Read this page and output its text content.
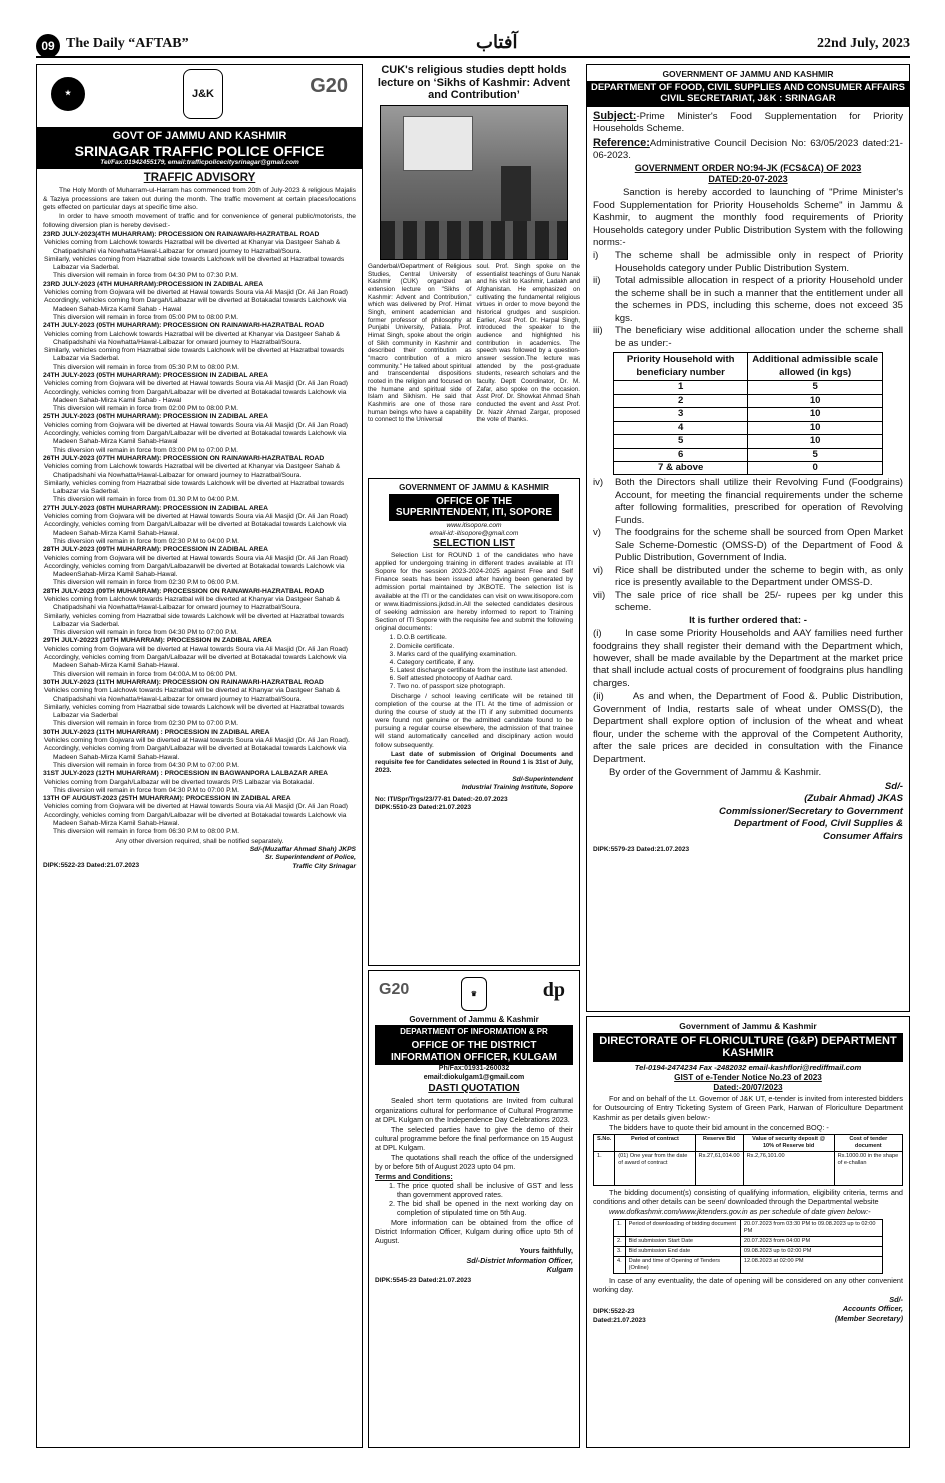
09 The Daily “AFTAB”	آفتاب	22nd July, 2023
★	J&K	G20
GOVT OF JAMMU AND KASHMIR
SRINAGAR TRAFFIC POLICE OFFICE
Tel/Fax:01942455179, email:trafficpolicecitysrinagar@gmail.com
TRAFFIC ADVISORY
The Holy Month of Muharram-ul-Harram has commenced from 20th of July-2023 & religious Majalis & Taziya processions are taken out during the month. The traffic movement at certain places/locations gets effected on particular days at specific time also.
In order to have smooth movement of traffic and for convenience of general public/motorists, the following diversion plan is hereby devised:-
23RD JULY-2023(4TH MUHARRAM): PROCESSION ON RAINAWARI-HAZRATBAL ROAD
Vehicles coming from Lalchowk towards Hazratbal will be diverted at Khanyar via Dastgeer Sahab & Chatipadshahi via Nowhatta/Hawal-Lalbazar for onward journey to Hazratbal/Soura.
Similarly, vehicles coming from Hazratbal side towards Lalchowk will be diverted at Hazratbal towards Lalbazar via Saderbal.
This diversion will remain in force from 04:30 PM to 07:30 P.M.
23RD JULY-2023 (4TH MUHARRAM):PROCESSION IN ZADIBAL AREA
Vehicles coming from Gojwara will be diverted at Hawal towards Soura via Ali Masjid (Dr. Ali Jan Road)
Accordingly, vehicles coming from Dargah/Lalbazar will be diverted at Botakadal towards Lalchowk via Madeen Sahab-Mirza Kamil Sahab - Hawal
This diversion will remain in force from 05:00 PM to 08:00 P.M.
24TH JULY-2023 (05TH MUHARRAM): PROCESSION ON RAINAWARI-HAZRATBAL ROAD
Vehicles coming from Lalchowk towards Hazratbal will be diverted at Khanyar via Dastgeer Sahab & Chatipadshahi via Nowhatta/Hawal-Lalbazar for onward journey to Hazratbal/Soura.
Similarly, vehicles coming from Hazratbal side towards Lalchowk will be diverted at Hazratbal towards Lalbazar via Saderbal.
This diversion will remain in force from 05:30 P.M to 08:00 P.M.
24TH JULY-2023 (05TH MUHARRAM): PROCESSION IN ZADIBAL AREA
Vehicles coming from Gojwara will be diverted at Hawal towards Soura via Ali Masjid (Dr. Ali Jan Road)
Accordingly, vehicles coming from Dargah/Lalbazar will be diverted at Botakadal towards Lalchowk via Madeen Sahab-Mirza Kamil Sahab - Hawal
This diversion will remain in force from 02:00 PM to 08:00 P.M.
25TH JULY-2023 (06TH MUHARRAM): PROCESSION IN ZADIBAL AREA
Vehicles coming from Gojwara will be diverted at Hawal towards Soura via Ali Masjid (Dr. Ali Jan Road)
Accordingly, vehicles coming from Dargah/Lalbazar will be diverted at Botakadal towards Lalchowk via Madeen Sahab-Mirza Kamil Sahab-Hawal
This diversion will remain in force from 03:00 PM to 07:00 P.M.
26TH JULY-2023 (07TH MUHARRAM): PROCESSION ON RAINAWARI-HAZRATBAL ROAD
Vehicles coming from Lalchowk towards Hazratbal will be diverted at Khanyar via Dastgeer Sahab & Chatipadshahi via Nowhatta/Hawal-Lalbazar for onward journey to Hazratbal/Soura.
Similarly, vehicles coming from Hazratbal side towards Lalchowk will be diverted at Hazratbal towards Lalbazar via Saderbal.
This diversion will remain in force from 01.30 P.M to 04:00 P.M.
27TH JULY-2023 (08TH MUHARRAM): PROCESSION IN ZADIBAL AREA
Vehicles coming from Gojwara will be diverted at Hawal towards Soura via Ali Masjid (Dr. Ali Jan Road)
Accordingly, vehicles coming from Dargah/Lalbazar will be diverted at Botakadal towards Lalchowk via Madeen Sahab-Mirza Kamil Sahab-Hawal.
This diversion will remain in force from 02:30 P.M to 04:00 P.M.
28TH JULY-2023 (09TH MUHARRAM): PROCESSION IN ZADIBAL AREA
Vehicles coming from Gojwara will be diverted at Hawal towards Soura via Ali Masjid (Dr. Ali Jan Road)
Accordingly, vehicles coming from Dargah/Lalbazarwill be diverted at Botakadal towards Lalchowk via MadeenSahab-Mirza Kamil Sahab-Hawal.
This diversion will remain in force from 02:30 P.M to 06:00 P.M.
28TH JULY-2023 (09TH MUHARRAM): PROCESSION ON RAINAWARI-HAZRATBAL ROAD
Vehicles coming from Lalchowk towards Hazratbal will be diverted at Khanyar via Dastgeer Sahab & Chatipadshahi via Nowhatta/Hawal-Lalbazar for onward journey to Hazratbal/Soura.
Similarly, vehicles coming from Hazratbal side towards Lalchowk will be diverted at Hazratbal towards Lalbazar via Saderbal.
This diversion will remain in force from 04:30 PM to 07:00 P.M.
29TH JULY-20223 (10TH MUHARRAM): PROCESSION IN ZADIBAL AREA
Vehicles coming from Gojwara will be diverted at Hawal towards Soura via Ali Masjid (Dr. Ali Jan Road)
Accordingly, vehicles coming from Dargah/Lalbazar will be diverted at Botakadal towards Lalchowk via Madeen Sahab-Mirza Kamil Sahab-Hawal.
This diversion will remain in force from 04:00A.M to 06:00 PM.
30TH JULY-2023 (11TH MUHARRAM): PROCESSION ON RAINAWARI-HAZRATBAL ROAD
Vehicles coming from Lalchowk towards Hazratbal will be diverted at Khanyar via Dastgeer Sahab & Chatipadshahi via Nowhatta/Hawal-Lalbazar for onward journey to Hazratbal/Soura.
Similarly, vehicles coming from Hazratbal side towards Lalchowk will be diverted at Hazratbal towards Lalbazar via Saderbal
This diversion will remain in force from 02:30 PM to 07:00 P.M.
30TH JULY-2023 (11TH MUHARRAM) : PROCESSION IN ZADIBAL AREA
Vehicles coming from Gojwara will be diverted at Hawal towards Soura via Ali Masjid (Dr. Ali Jan Road).
Accordingly, vehicles coming from Dargah/Lalbazar will be diverted at Botakadal towards Lalchowk via Madeen Sahab-Mirza Kamil Sahab-Hawal.
This diversion will remain in force from 04:30 P.M to 07:00 P.M.
31ST JULY-2023 (12TH MUHARRAM) : PROCESSION IN BAGWANPORA LALBAZAR AREA
Vehicles coming from Dargah/Lalbazar will be diverted towards P/S Lalbazar via Botakadal.
This diversion will remain in force from 04:30 P.M to 07:00 P.M.
13TH OF AUGUST-2023 (25TH MUHARRAM): PROCESSION IN ZADIBAL AREA
Vehicles coming from Gojwara will be diverted at Hawal towards Soura via Ali Masjid (Dr. Ali Jan Road)
Accordingly, vehicles coming from Dargah/Lalbazar will be diverted at Botakadal towards Lalchowk via Madeen Sahab-Mirza Kamil Sahab-Hawal.
This diversion will remain in force from 06:30 P.M to 08:00 P.M.
Any other diversion required, shall be notified separately.
Sd/-(Muzaffar Ahmad Shah) JKPS
Sr. Superintendent of Police,
DIPK:5522-23 Dated:21.07.2023	Traffic City Srinagar
CUK's religious studies deptt holds lecture on ‘Sikhs of Kashmir: Advent and Contribution’
Ganderbal//Department of Religious Studies, Central University of Kashmir (CUK) organized an extension lecture on "Sikhs of Kashmir: Advent and Contribution," which was delivered by Prof. Himat Singh, eminent academician and former professor of philosophy at Punjabi University, Patiala. Prof. Himat Singh, spoke about the origin of Sikh community in Kashmir and described their contribution as "macro contribution of a micro community." He talked about spiritual and transcendental dispositions rooted in the religion and focused on the humane and spiritual side of Islam and Sikhism. He said that Kashmiris are one of those rare human beings who have a capability to connect to the Universal
soul. Prof. Singh spoke on the essentialist teachings of Guru Nanak and his visit to Kashmir, Ladakh and Afghanistan. He emphasized on cultivating the fundamental religious virtues in order to move beyond the historical grudges and suspicion. Earlier, Asst Prof. Dr. Harpal Singh, introduced the speaker to the audience and highlighted his contribution in academics. The speech was followed by a question-answer session.The lecture was attended by the post-graduate students, research scholars and the faculty. Deptt Coordinator, Dr. M. Zafar, also spoke on the occasion. Asst Prof. Dr. Showkat Ahmad Shah conducted the event and Asst Prof. Dr. Nazir Ahmad Zargar, proposed the vote of thanks.
GOVERNMENT OF JAMMU & KASHMIR
OFFICE OF THE SUPERINTENDENT, ITI, SOPORE
www.itisopore.com
email-id:-itisopore@gmail.com
SELECTION LIST
Selection List for ROUND 1 of the candidates who have applied for undergoing training in different trades available at ITI Sopore for the session 2023-2024-2025 against Free and Self Finance seats has been issued after having been generated by admission portal maintained by JKBOTE. The selection list is available at the ITI or the candidates can visit on www.itisopore.com or www.itiadmissions.jkdsd.in.All the selected candidates desirous of seeking admission are hereby informed to report to Training Section of ITI Sopore with the requisite fee and submit the following original documents:
1. D.O.B certificate.
2. Domicile certificate.
3. Marks card of the qualifying examination.
4. Category certificate, if any.
5. Latest discharge certificate from the institute last attended.
6. Self attested photocopy of Aadhar card.
7. Two no. of passport size photograph.
Discharge / school leaving certificate will be retained till completion of the course at the ITI. At the time of admission or during the course of study at the ITI if any submitted documents were found not genuine or the admitted candidate found to be pursuing a regular course elsewhere, the admission of that trainee will stand automatically cancelled and disciplinary action would follow subsequently.
Last date of submission of Original Documents and requisite fee for Candidates selected in Round 1 is 31st of July, 2023.
Sd/-Superintendent
Industrial Training Institute, Sopore
No: ITI/Spr/Trgs/23/77-81 Dated:-20.07.2023
DIPK:5510-23 Dated:21.07.2023
G20	♛	dp
Government of Jammu & Kashmir
DEPARTMENT OF INFORMATION & PR
OFFICE OF THE DISTRICT INFORMATION OFFICER, KULGAM
Ph/Fax:01931-260032
email:diokulgam1@gmail.com
DASTI QUOTATION
Sealed short term quotations are Invited from cultural organizations cultural for performance of Cultural Programme at DPL Kulgam on the Independence Day Celebrations 2023.
The selected parties have to give the demo of their cultural programme before the final performance on 15 August at DPL Kulgam.
The quotations shall reach the office of the undersigned by or before 5th of August 2023 upto 04 pm.
Terms and Conditions:
1. The price quoted shall be inclusive of GST and less than government approved rates.
2. The bid shall be opened in the next working day on completion of stipulated time on 5th Aug.
More information can be obtained from the office of District Information Officer, Kulgam during office upto 5th of August.
Yours faithfully,
Sd/-District Information Officer,
Kulgam
DIPK:5545-23 Dated:21.07.2023
GOVERNMENT OF JAMMU AND KASHMIR
DEPARTMENT OF FOOD, CIVIL SUPPLIES AND CONSUMER AFFAIRS CIVIL SECRETARIAT, J&K : SRINAGAR
Subject:-Prime Minister's Food Supplementation for Priority Households Scheme.
Reference:Administrative Council Decision No: 63/05/2023 dated:21-06-2023.
GOVERNMENT ORDER NO:94-JK (FCS&CA) OF 2023
DATED:20-07-2023
Sanction is hereby accorded to launching of "Prime Minister's Food Supplementation for Priority Households Scheme" in Jammu & Kashmir, to augment the monthly food requirements of Priority Households category under Public Distribution System with the following norms:-
i)	The scheme shall be admissible only in respect of Priority Households category under Public Distribution System.
ii)	Total admissible allocation in respect of a priority Household under the scheme shall be in such a manner that the entitlement under all the schemes in PDS, including this scheme, does not exceed 35 kgs.
iii)	The beneficiary wise additional allocation under the scheme shall be as under:-
Priority Household with beneficiary number	Additional admissible scale allowed (in kgs)
1	5
2	10
3	10
4	10
5	10
6	5
7 & above	0
iv)	Both the Directors shall utilize their Revolving Fund (Foodgrains) Account, for meeting the financial requirements under the scheme after following formalities, prescribed for operation of Revolving Funds.
v)	The foodgrains for the scheme shall be sourced from Open Market Sale Scheme-Domestic (OMSS-D) of the Department of Food & Public Distribution, Government of India.
vi)	Rice shall be distributed under the scheme to begin with, as only rice is presently available to the Department under OMSS-D.
vii)	The sale price of rice shall be 25/- rupees per kg under this scheme.
It is further ordered that: -
(i)       In case some Priority Households and AAY families need further foodgrains they shall register their demand with the Department which, however, shall be made available by the Department at the market price that shall include actual costs of procurement of foodgrains plus handling charges.
(ii)       As and when, the Department of Food &. Public Distribution, Government of India, restarts sale of wheat under OMSS(D), the Department shall explore option of inclusion of the wheat and wheat flour, under the scheme with the approval of the Competent Authority, after the sale prices are decided in consultation with the Finance Department.
By order of the Government of Jammu & Kashmir.
Sd/-
(Zubair Ahmad) JKAS
Commissioner/Secretary to Government
Department of Food, Civil Supplies &
Consumer Affairs
DIPK:5579-23 Dated:21.07.2023
Government of Jammu & Kashmir
DIRECTORATE OF FLORICULTURE (G&P) DEPARTMENT KASHMIR
Tel-0194-2474234 Fax -2482032 email-kashflori@rediffmail.com
GIST of e-Tender Notice No.23 of 2023
Dated:-20/07/2023
For and on behalf of the Lt. Governor of J&K UT, e-tender is invited from interested bidders for Outsourcing of Entry Ticketing System of Green Park, Harwan of Floriculture Department Kashmir as per details given below:-
The bidders have to quote their bid amount in the concerned BOQ: -
S.No.	Period of contract	Reserve Bid	Value of security deposit @ 10% of Reserve bid	Cost of tender document
1.	(01) One year from the date of award of contract	Rs.27,61,014.00	Rs.2,76,101.00	Rs.1000.00 in the shape of e-challan
The bidding document(s) consisting of qualifying information, eligibility criteria, terms and conditions and other details can be seen/ downloaded through the Departmental website
www.dofkashmir.com/www.jktenders.gov.in as per schedule of date given below:-
1.	Period of downloading of bidding document	20.07.2023 from 03:30 PM to 09.08.2023 up to 02:00 PM
2.	Bid submission Start Date	20.07.2023 from 04:00 PM
3.	Bid submission End date	09.08.2023 up to 02:00 PM
4.	Date and time of Opening of Tenders (Online)	12.08.2023 at 02:00 PM
In case of any eventuality, the date of opening will be considered on any other convenient working day.
Sd/-
DIPK:5522-23
Dated:21.07.2023
Accounts Officer,
(Member Secretary)
